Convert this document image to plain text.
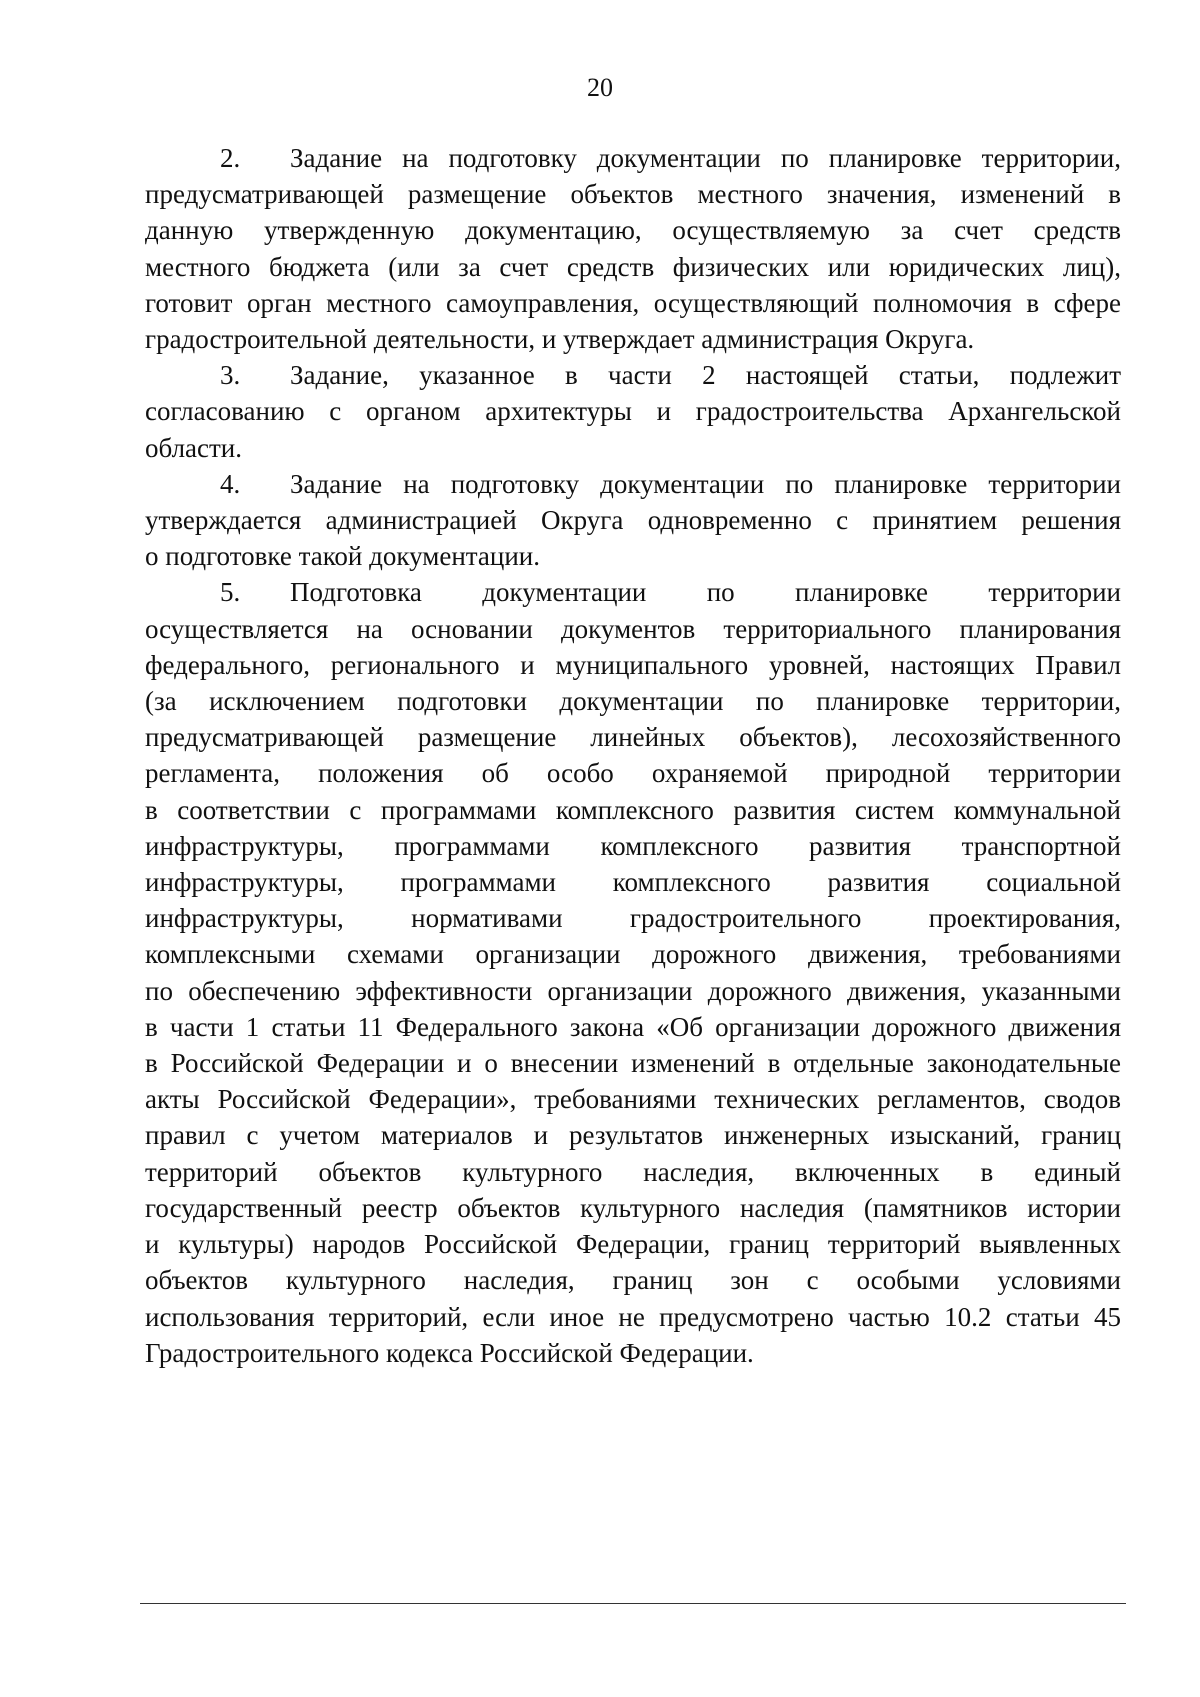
20
2. Задание на подготовку документации по планировке территории,
предусматривающей размещение объектов местного значения, изменений в
данную утвержденную документацию, осуществляемую за счет средств
местного бюджета (или за счет средств физических или юридических лиц),
готовит орган местного самоуправления, осуществляющий полномочия в сфере
градостроительной деятельности, и утверждает администрация Округа.
3. Задание, указанное в части 2 настоящей статьи, подлежит
согласованию с органом архитектуры и градостроительства Архангельской
области.
4. Задание на подготовку документации по планировке территории
утверждается администрацией Округа одновременно с принятием решения
о подготовке такой документации.
5. Подготовка документации по планировке территории
осуществляется на основании документов территориального планирования
федерального, регионального и муниципального уровней, настоящих Правил
(за исключением подготовки документации по планировке территории,
предусматривающей размещение линейных объектов), лесохозяйственного
регламента, положения об особо охраняемой природной территории
в соответствии с программами комплексного развития систем коммунальной
инфраструктуры, программами комплексного развития транспортной
инфраструктуры, программами комплексного развития социальной
инфраструктуры, нормативами градостроительного проектирования,
комплексными схемами организации дорожного движения, требованиями
по обеспечению эффективности организации дорожного движения, указанными
в части 1 статьи 11 Федерального закона «Об организации дорожного движения
в Российской Федерации и о внесении изменений в отдельные законодательные
акты Российской Федерации», требованиями технических регламентов, сводов
правил с учетом материалов и результатов инженерных изысканий, границ
территорий объектов культурного наследия, включенных в единый
государственный реестр объектов культурного наследия (памятников истории
и культуры) народов Российской Федерации, границ территорий выявленных
объектов культурного наследия, границ зон с особыми условиями
использования территорий, если иное не предусмотрено частью 10.2 статьи 45
Градостроительного кодекса Российской Федерации.
